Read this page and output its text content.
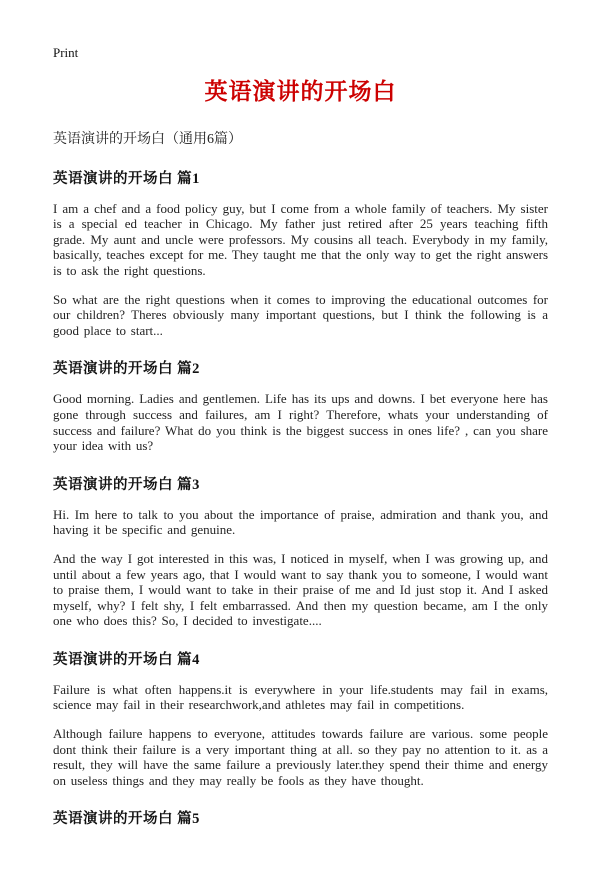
Print
英语演讲的开场白
英语演讲的开场白（通用6篇）
英语演讲的开场白 篇1

I am a chef and a food policy guy, but I come from a whole family of teachers. My sister is a special ed teacher in Chicago. My father just retired after 25 years teaching fifth grade. My aunt and uncle were professors. My cousins all teach. Everybody in my family, basically, teaches except for me. They taught me that the only way to get the right answers is to ask the right questions.

So what are the right questions when it comes to improving the educational outcomes for our children? Theres obviously many important questions, but I think the following is a good place to start...

英语演讲的开场白 篇2

Good morning. Ladies and gentlemen. Life has its ups and downs. I bet everyone here has gone through success and failures, am I right? Therefore, whats your understanding of success and failure? What do you think is the biggest success in ones life? , can you share your idea with us?

英语演讲的开场白 篇3

Hi. Im here to talk to you about the importance of praise, admiration and thank you, and having it be specific and genuine.

And the way I got interested in this was, I noticed in myself, when I was growing up, and until about a few years ago, that I would want to say thank you to someone, I would want to praise them, I would want to take in their praise of me and Id just stop it. And I asked myself, why? I felt shy, I felt embarrassed. And then my question became, am I the only one who does this? So, I decided to investigate....

英语演讲的开场白 篇4

Failure is what often happens.it is everywhere in your life.students may fail in exams, science may fail in their researchwork,and athletes may fail in competitions.

Although failure happens to everyone, attitudes towards failure are various. some people dont think their failure is a very important thing at all. so they pay no attention to it. as a result, they will have the same failure a previously later.they spend their thime and energy on useless things and they may really be fools as they have thought.

英语演讲的开场白 篇5
